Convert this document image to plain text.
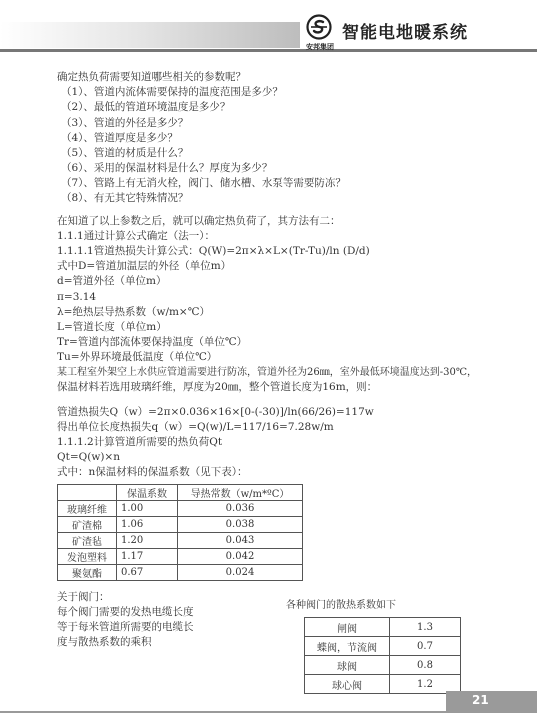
安邦集团
智能电地暖系统
确定热负荷需要知道哪些相关的参数呢？
（1）、管道内流体需要保持的温度范围是多少？
（2）、最低的管道环境温度是多少？
（3）、管道的外径是多少？
（4）、管道厚度是多少？
（5）、管道的材质是什么？
（6）、采用的保温材料是什么？厚度为多少？
（7）、管路上有无消火栓，阀门、储水槽、水泵等需要防冻？
（8）、有无其它特殊情况？
在知道了以上参数之后，就可以确定热负荷了，其方法有二：
1.1.1通过计算公式确定（法一）：
1.1.1.1管道热损失计算公式：Q(W)=2π×λ×L×(Tr-Tu)/ln (D/d)
式中D=管道加温层的外径（单位m）
d=管道外径（单位m）
π=3.14
λ=绝热层导热系数（w/m×℃）
L=管道长度（单位m）
Tr=管道内部流体要保持温度（单位℃）
Tu=外界环境最低温度（单位℃）
某工程室外架空上水供应管道需要进行防冻，管道外径为26㎜，室外最低环境温度达到-30℃，
保温材料若选用玻璃纤维，厚度为20㎜，整个管道长度为16m，则：
管道热损失Q（w）=2π×0.036×16×[0-(-30)]/ln(66/26)=117w
得出单位长度热损失q（w）=Q(w)/L=117/16=7.28w/m
1.1.1.2计算管道所需要的热负荷Qt
Qt=Q(w)×n
式中：n保温材料的保温系数（见下表）：
	保温系数	导热常数（w/m*ºC）
玻璃纤维	1.00	0.036
矿渣棉	1.06	0.038
矿渣毡	1.20	0.043
发泡塑料	1.17	0.042
聚氨酯	0.67	0.024
关于阀门：
每个阀门需要的发热电缆长度
等于每米管道所需要的电缆长
度与散热系数的乘积
各种阀门的散热系数如下
闸阀	1.3
蝶阀，节流阀	0.7
球阀	0.8
球心阀	1.2
21
